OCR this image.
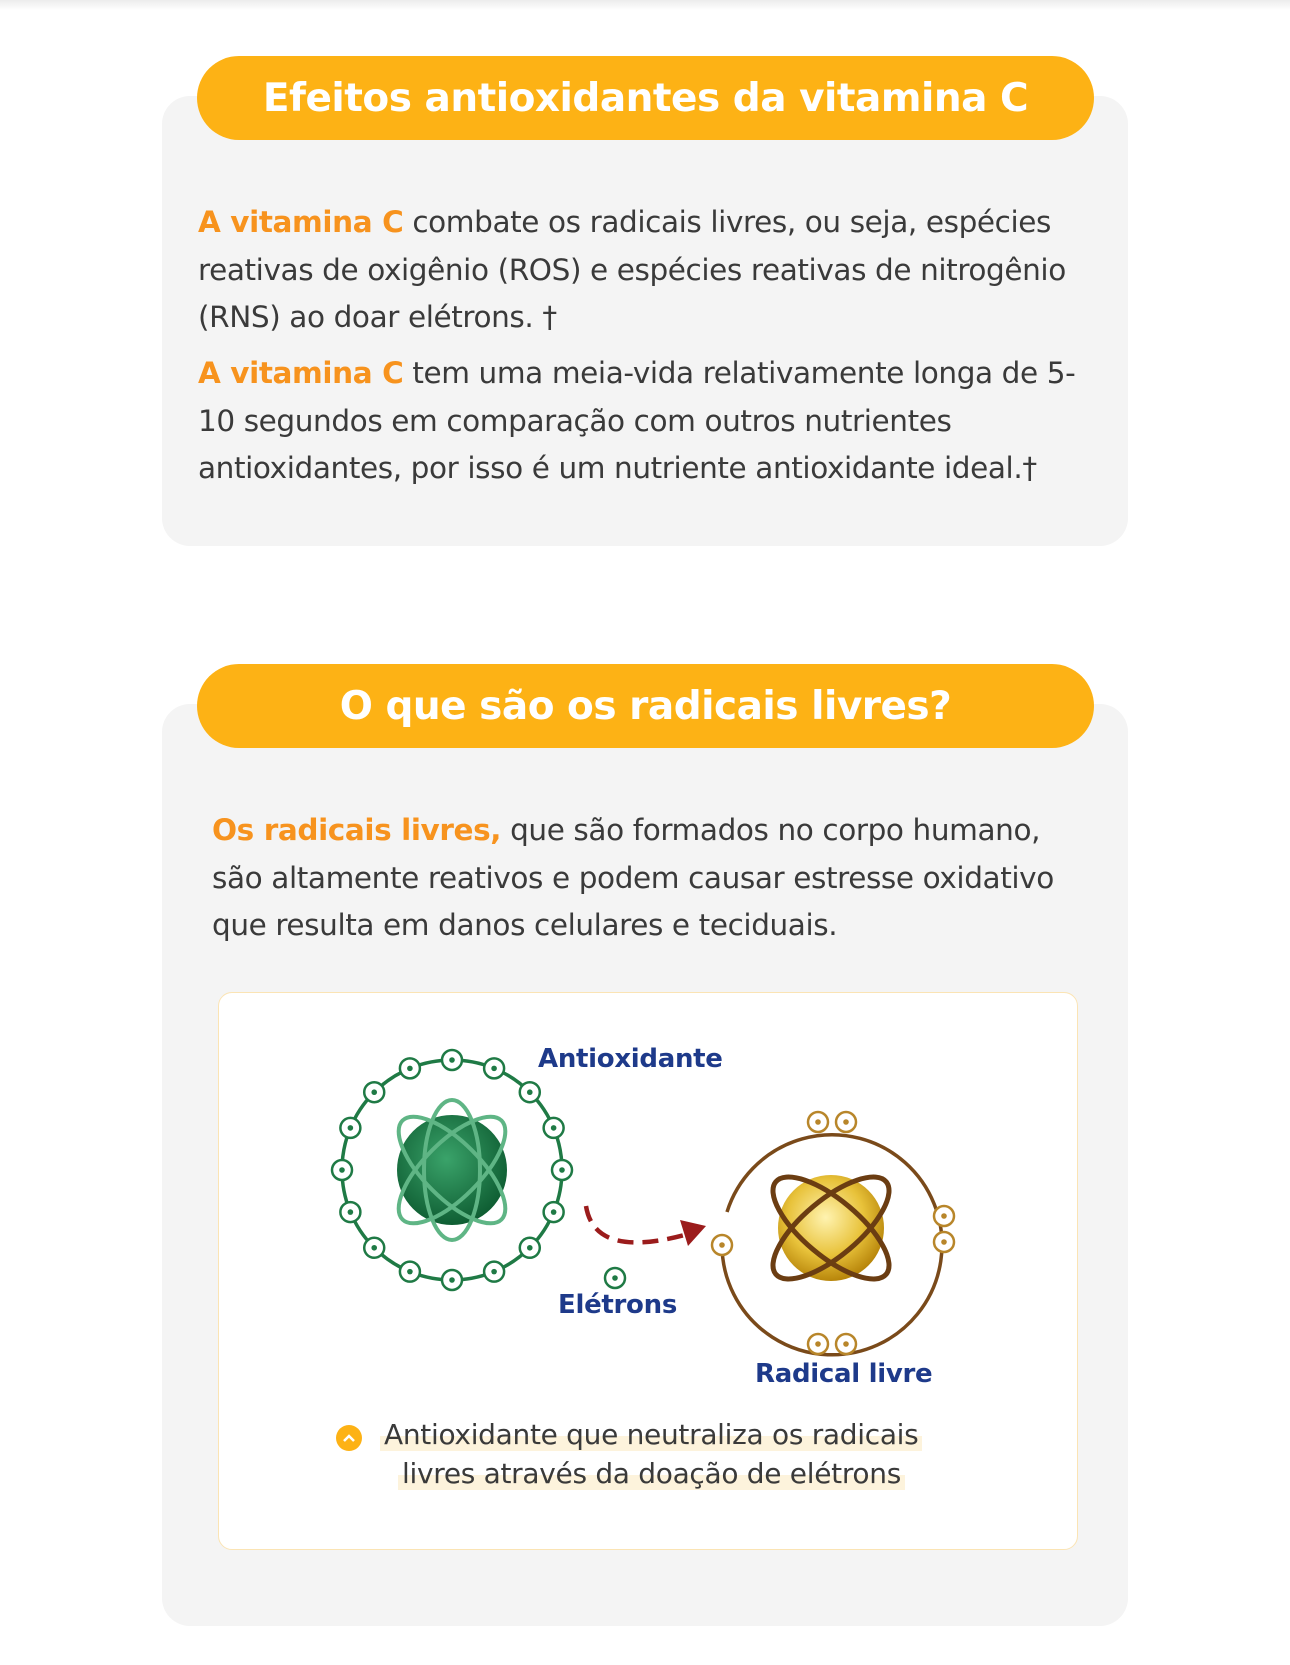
Efeitos antioxidantes da vitamina C

A vitamina C combate os radicais livres, ou seja, espécies reativas de oxigênio (ROS) e espécies reativas de nitrogênio (RNS) ao doar elétrons. †

A vitamina C tem uma meia-vida relativamente longa de 5-10 segundos em comparação com outros nutrientes antioxidantes, por isso é um nutriente antioxidante ideal.†

O que são os radicais livres?

Os radicais livres, que são formados no corpo humano, são altamente reativos e podem causar estresse oxidativo que resulta em danos celulares e teciduais.

Antioxidante
Elétrons
Radical livre
Antioxidante que neutraliza os radicais
livres através da doação de elétrons
